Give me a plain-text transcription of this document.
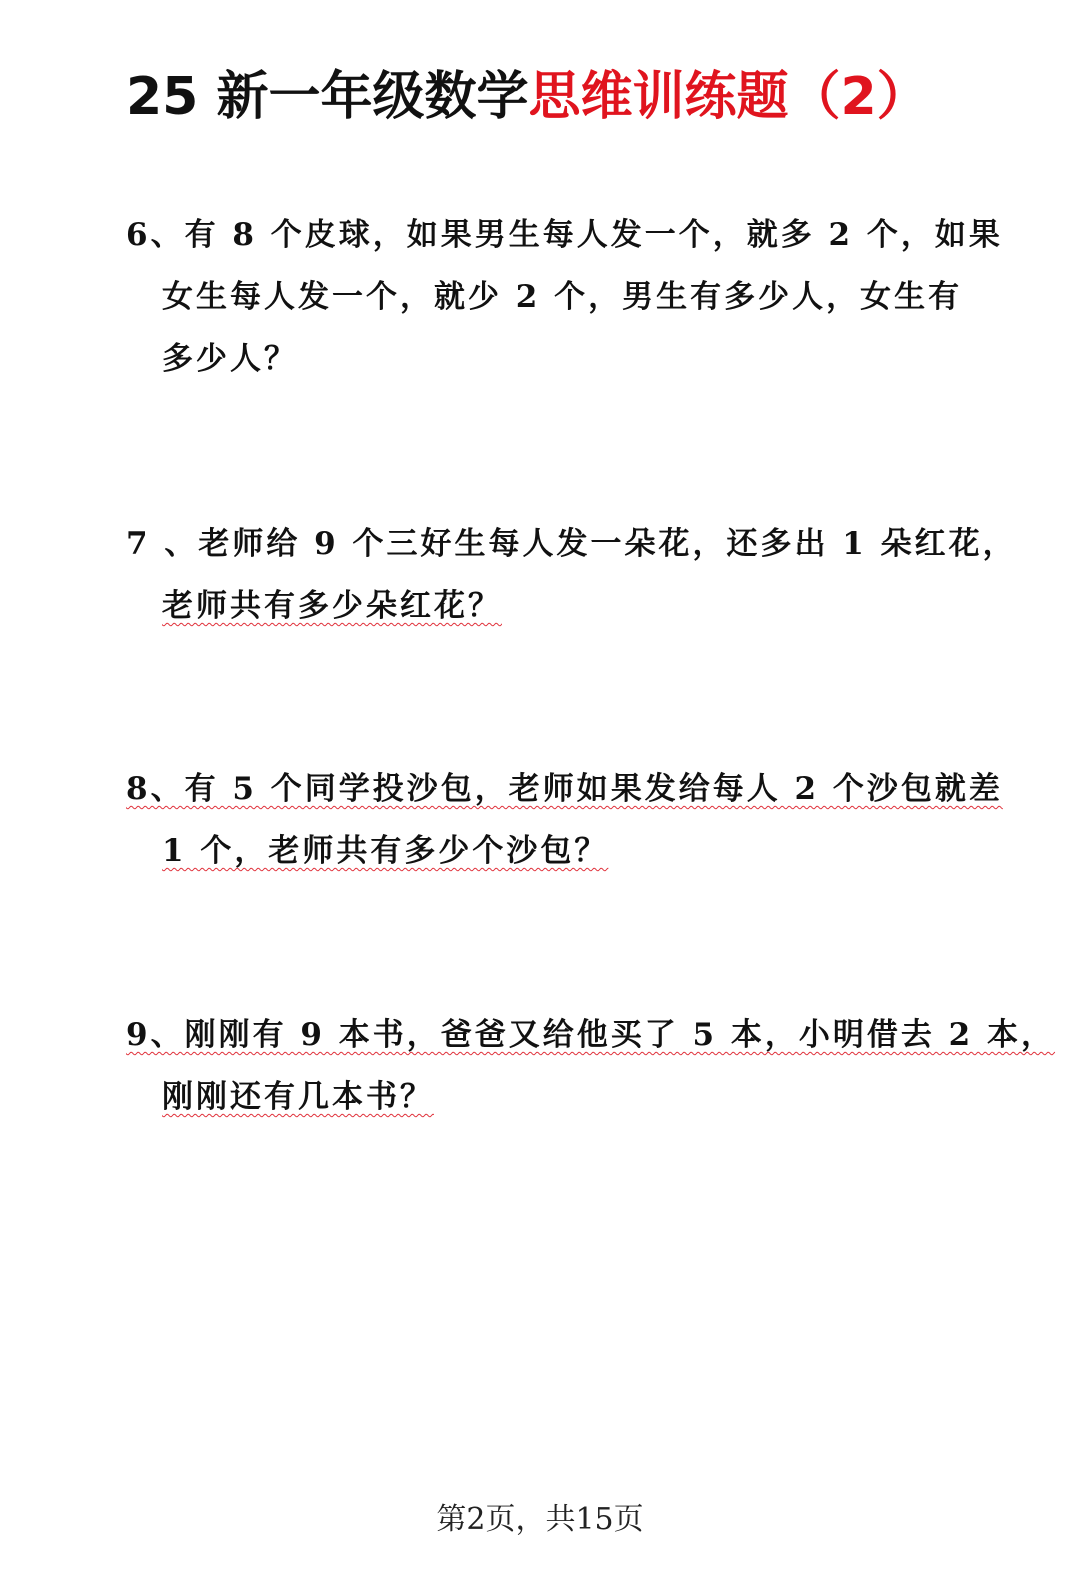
25 新一年级数学思维训练题（2）
6、有 8 个皮球，如果男生每人发一个，就多 2 个，如果
女生每人发一个，就少 2 个，男生有多少人，女生有
多少人？
7 、老师给 9 个三好生每人发一朵花，还多出 1 朵红花，
老师共有多少朵红花？
8、有 5 个同学投沙包，老师如果发给每人 2 个沙包就差
1 个，老师共有多少个沙包？
9、刚刚有 9 本书，爸爸又给他买了 5 本，小明借去 2 本，
刚刚还有几本书？
第2页，共15页
